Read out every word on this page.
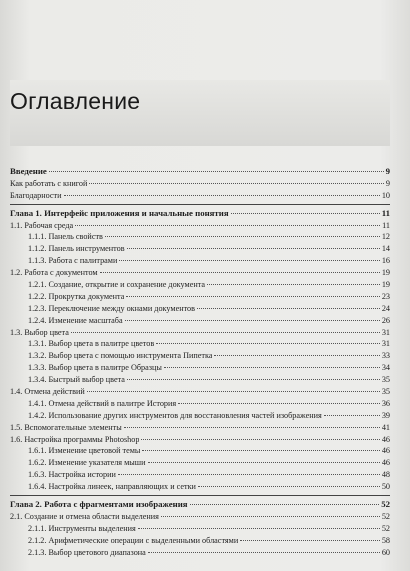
Оглавление
Введение	9
Как работать с книгой	9
Благодарности	10
Глава 1. Интерфейс приложения и начальные понятия	11
1.1. Рабочая среда	11
1.1.1. Панель свойств	12
1.1.2. Панель инструментов	14
1.1.3. Работа с палитрами	16
1.2. Работа с документом	19
1.2.1. Создание, открытие и сохранение документа	19
1.2.2. Прокрутка документа	23
1.2.3. Переключение между окнами документов	24
1.2.4. Изменение масштаба	26
1.3. Выбор цвета	31
1.3.1. Выбор цвета в палитре цветов	31
1.3.2. Выбор цвета с помощью инструмента Пипетка	33
1.3.3. Выбор цвета в палитре Образцы	34
1.3.4. Быстрый выбор цвета	35
1.4. Отмена действий	35
1.4.1. Отмена действий в палитре История	36
1.4.2. Использование других инструментов для восстановления частей изображения	39
1.5. Вспомогательные элементы	41
1.6. Настройка программы Photoshop	46
1.6.1. Изменение цветовой темы	46
1.6.2. Изменение указателя мыши	46
1.6.3. Настройка истории	48
1.6.4. Настройка линеек, направляющих и сетки	50
Глава 2. Работа с фрагментами изображения	52
2.1. Создание и отмена области выделения	52
2.1.1. Инструменты выделения	52
2.1.2. Арифметические операции с выделенными областями	58
2.1.3. Выбор цветового диапазона	60
